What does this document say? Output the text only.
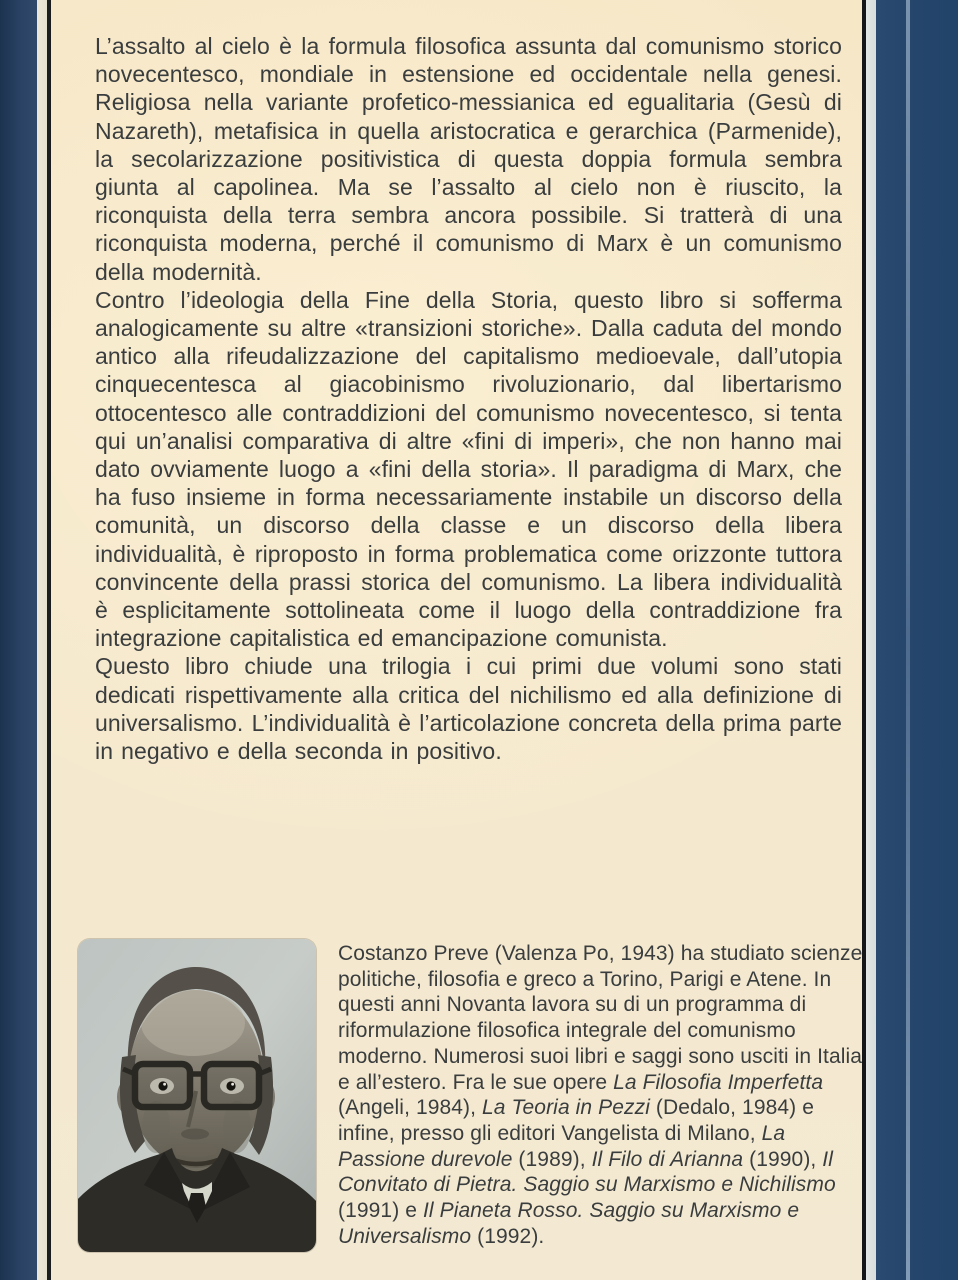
L’assalto al cielo è la formula filosofica assunta dal comunismo storico novecentesco, mondiale in estensione ed occidentale nella genesi. Religiosa nella variante profetico-messianica ed egualitaria (Gesù di Nazareth), metafisica in quella aristocratica e gerarchica (Parmenide), la secolarizzazione positivistica di questa doppia formula sembra giunta al capolinea. Ma se l’assalto al cielo non è riuscito, la riconquista della terra sembra ancora possibile. Si tratterà di una riconquista moderna, perché il comunismo di Marx è un comunismo della modernità.

Contro l’ideologia della Fine della Storia, questo libro si sofferma analogicamente su altre «transizioni storiche». Dalla caduta del mondo antico alla rifeudalizzazione del capitalismo medioevale, dall’utopia cinquecentesca al giacobinismo rivoluzionario, dal libertarismo ottocentesco alle contraddizioni del comunismo novecentesco, si tenta qui un’analisi comparativa di altre «fini di imperi», che non hanno mai dato ovviamente luogo a «fini della storia». Il paradigma di Marx, che ha fuso insieme in forma necessariamente instabile un discorso della comunità, un discorso della classe e un discorso della libera individualità, è riproposto in forma problematica come orizzonte tuttora convincente della prassi storica del comunismo. La libera individualità è esplicitamente sottolineata come il luogo della contraddizione fra integrazione capitalistica ed emancipazione comunista.

Questo libro chiude una trilogia i cui primi due volumi sono stati dedicati rispettivamente alla critica del nichilismo ed alla definizione di universalismo. L’individualità è l’articolazione concreta della prima parte in negativo e della seconda in positivo.

Costanzo Preve (Valenza Po, 1943) ha studiato scienze politiche, filosofia e greco a Torino, Parigi e Atene. In questi anni Novanta lavora su di un programma di riformulazione filosofica integrale del comunismo moderno. Numerosi suoi libri e saggi sono usciti in Italia e all’estero. Fra le sue opere La Filosofia Imperfetta (Angeli, 1984), La Teoria in Pezzi (Dedalo, 1984) e infine, presso gli editori Vangelista di Milano, La Passione durevole (1989), Il Filo di Arianna (1990), Il Convitato di Pietra. Saggio su Marxismo e Nichilismo (1991) e Il Pianeta Rosso. Saggio su Marxismo e Universalismo (1992).
